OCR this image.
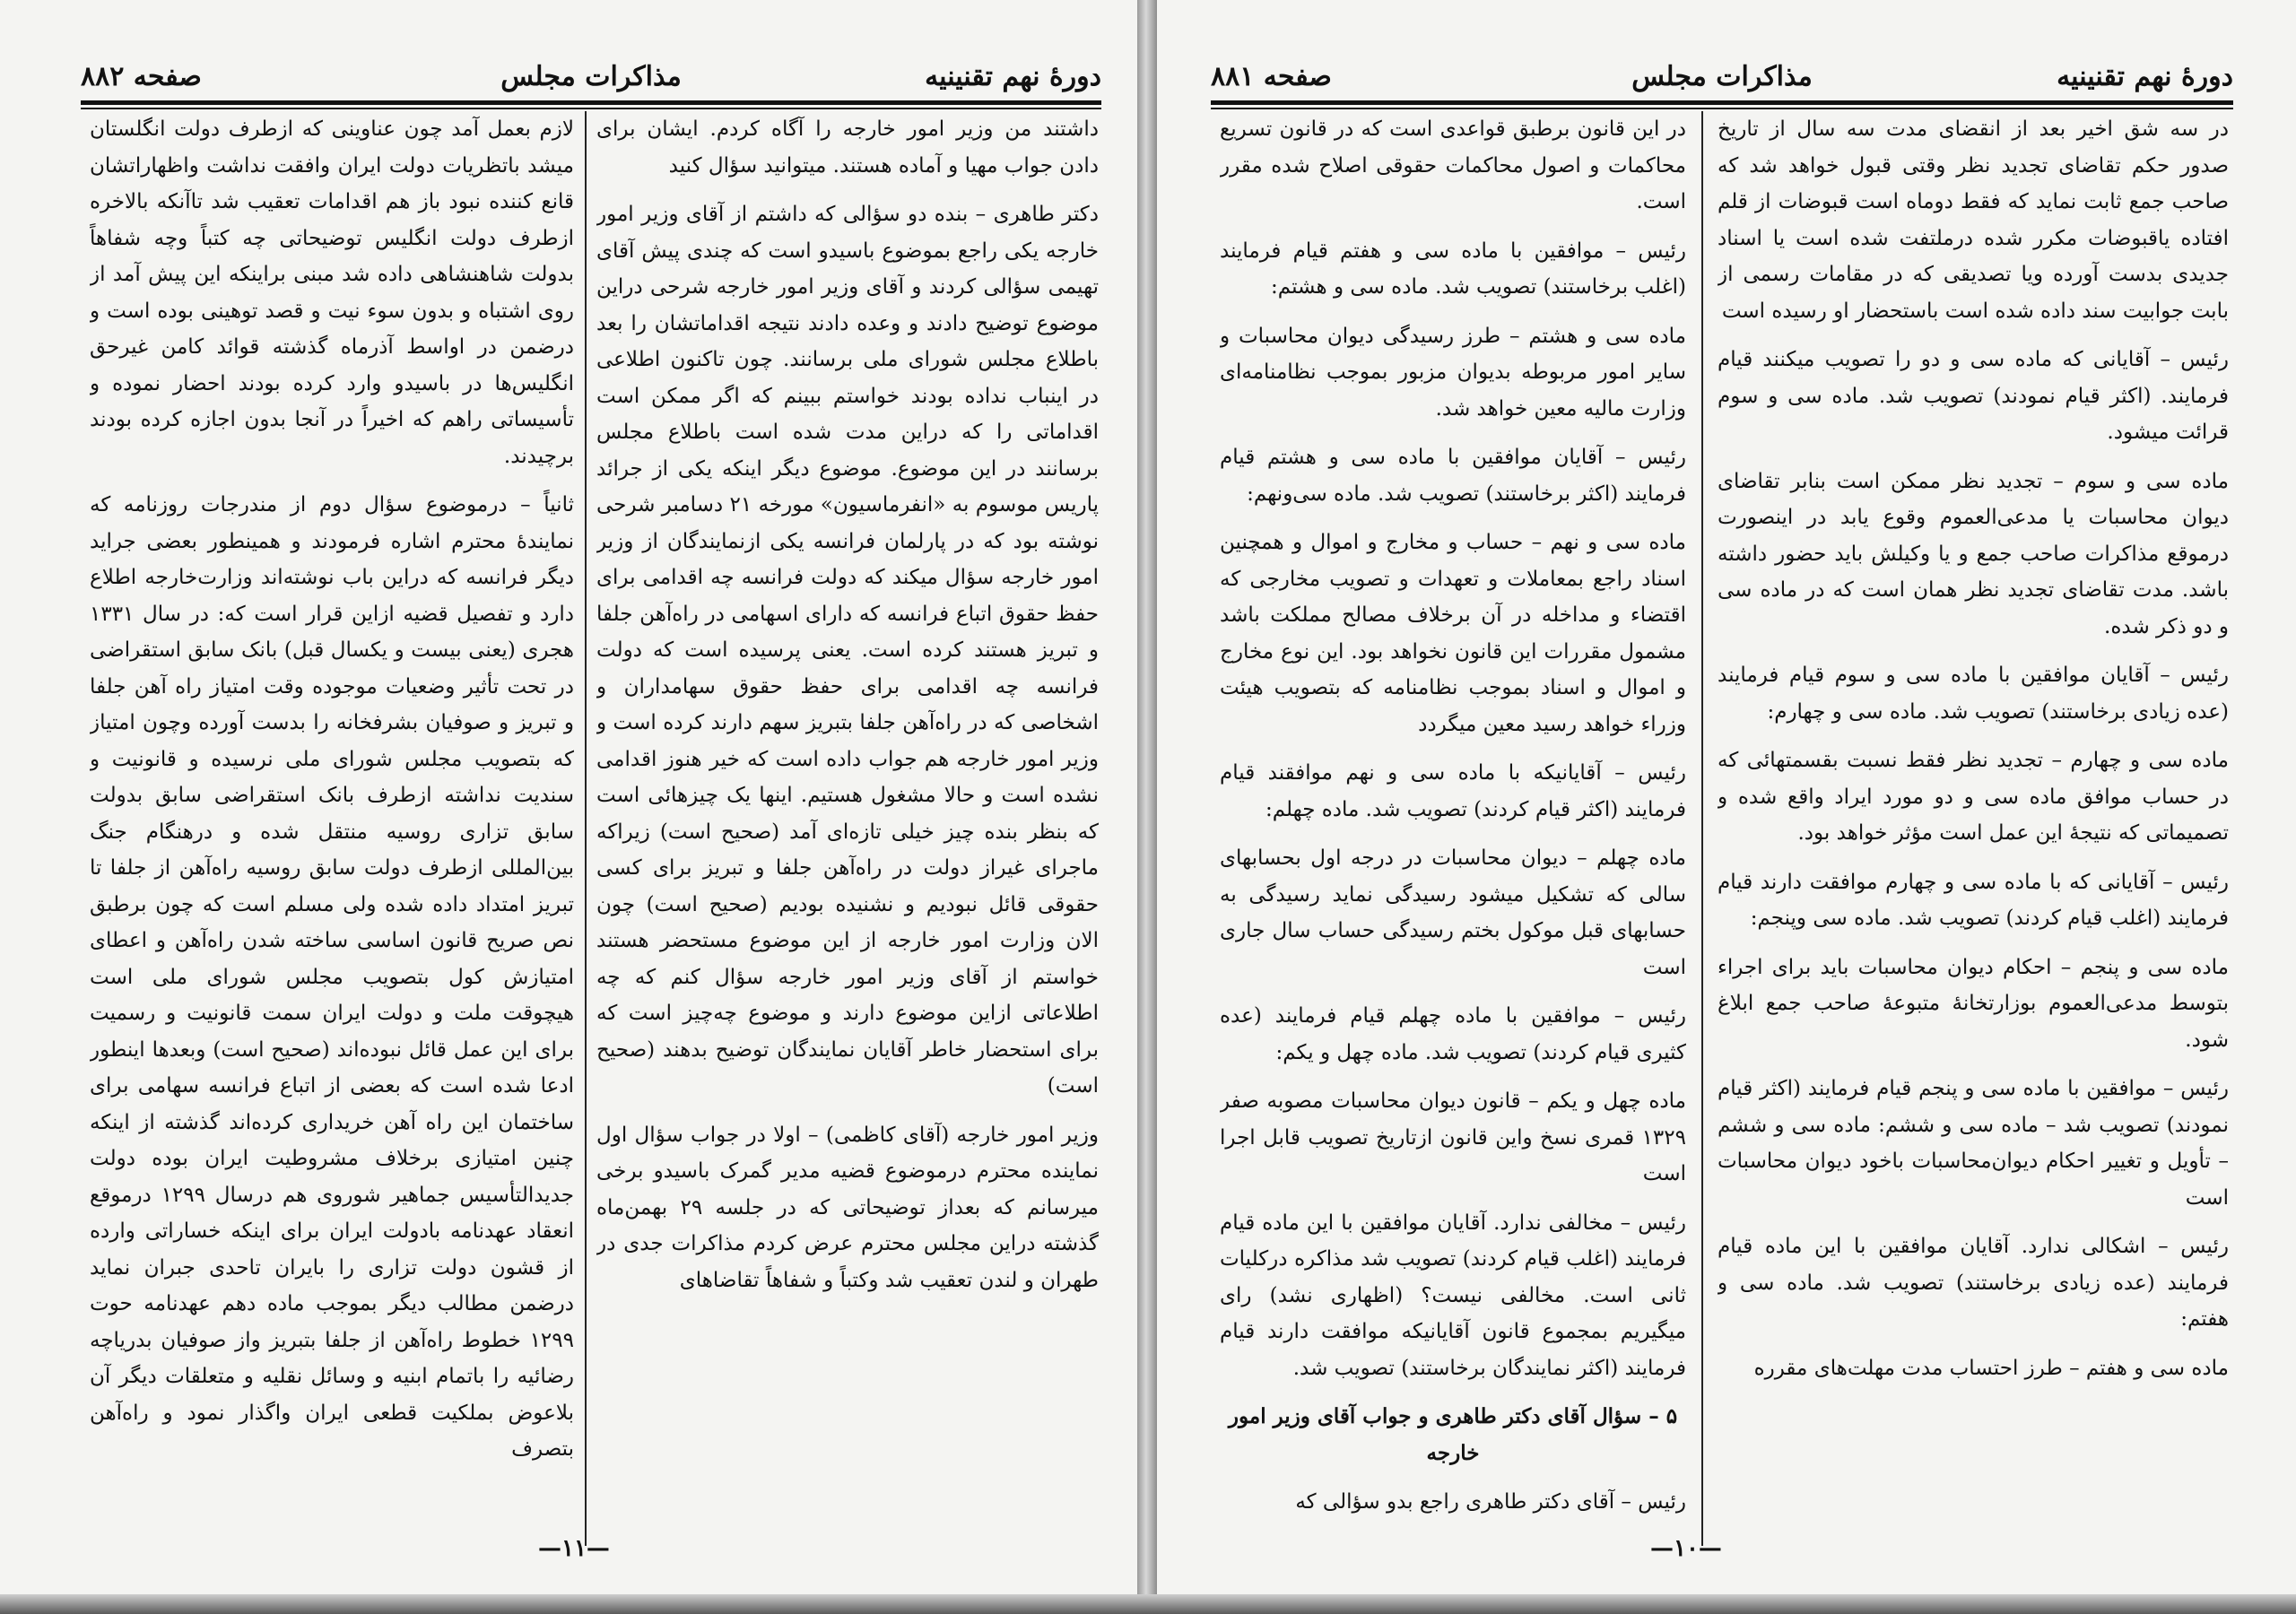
دورهٔ نهم تقنینیه
مذاکرات مجلس
صفحه ۸۸۲

داشتند من وزیر امور خارجه را آگاه کردم. ایشان برای دادن جواب مهیا و آماده هستند. میتوانید سؤال کنید

دکتر طاهری – بنده دو سؤالی که داشتم از آقای وزیر امور خارجه یکی راجع بموضوع باسیدو است که چندی پیش آقای تهیمی سؤالی کردند و آقای وزیر امور خارجه شرحی دراین موضوع توضیح دادند و وعده دادند نتیجه اقداماتشان را بعد باطلاع مجلس شورای ملی برسانند. چون تاکنون اطلاعی در اینباب نداده بودند خواستم ببینم که اگر ممکن است اقداماتی را که دراین مدت شده است باطلاع مجلس برسانند در این موضوع. موضوع دیگر اینکه یکی از جرائد پاریس موسوم به «انفرماسیون» مورخه ۲۱ دسامبر شرحی نوشته بود که در پارلمان فرانسه یکی ازنمایندگان از وزیر امور خارجه سؤال میکند که دولت فرانسه چه اقدامی برای حفظ حقوق اتباع فرانسه که دارای اسهامی در راه‌آهن جلفا و تبریز هستند کرده است. یعنی پرسیده است که دولت فرانسه چه اقدامی برای حفظ حقوق سهامداران و اشخاصی که در راه‌آهن جلفا بتبریز سهم دارند کرده است و وزیر امور خارجه هم جواب داده است که خیر هنوز اقدامی نشده است و حالا مشغول هستیم. اینها یک چیزهائی است که بنظر بنده چیز خیلی تازه‌ای آمد (صحیح است) زیراکه ماجرای غیراز دولت در راه‌آهن جلفا و تبریز برای کسی حقوقی قائل نبودیم و نشنیده بودیم (صحیح است) چون الان وزارت امور خارجه از این موضوع مستحضر هستند خواستم از آقای وزیر امور خارجه سؤال کنم که چه اطلاعاتی ازاین موضوع دارند و موضوع چه‌چیز است که برای استحضار خاطر آقایان نمایندگان توضیح بدهند (صحیح است)

وزیر امور خارجه (آقای کاظمی) – اولا در جواب سؤال اول نماینده محترم درموضوع قضیه مدیر گمرک باسیدو برخی میرسانم که بعداز توضیحاتی که در جلسه ۲۹ بهمن‌ماه گذشته دراین مجلس محترم عرض کردم مذاکرات جدی در طهران و لندن تعقیب شد وکتباً و شفاهاً تقاضاهای

لازم بعمل آمد چون عناوینی که ازطرف دولت انگلستان میشد باتظریات دولت ایران وافقت نداشت واظهاراتشان قانع کننده نبود باز هم اقدامات تعقیب شد تاآنکه بالاخره ازطرف دولت انگلیس توضیحاتی چه کتباً وچه شفاهاً بدولت شاهنشاهی داده شد مبنی براینکه این پیش آمد از روی اشتباه و بدون سوء نیت و قصد توهینی بوده است و درضمن در اواسط آذرماه گذشته قوائد کامن غیرحق انگلیس‌ها در باسیدو وارد کرده بودند احضار نموده و تأسیساتی راهم که اخیراً در آنجا بدون اجازه کرده بودند برچیدند.

ثانیاً – درموضوع سؤال دوم از مندرجات روزنامه که نمایندهٔ محترم اشاره فرمودند و همینطور بعضی جراید دیگر فرانسه که دراین باب نوشته‌اند وزارت‌خارجه اطلاع دارد و تفصیل قضیه ازاین قرار است که: در سال ۱۳۳۱ هجری (یعنی بیست و یکسال قبل) بانک سابق استقراضی در تحت تأثیر وضعیات موجوده وقت امتیاز راه آهن جلفا و تبریز و صوفیان بشرفخانه را بدست آورده وچون امتیاز که بتصویب مجلس شورای ملی نرسیده و قانونیت و سندیت نداشته ازطرف بانک استقراضی سابق بدولت سابق تزاری روسیه منتقل شده و درهنگام جنگ بین‌المللی ازطرف دولت سابق روسیه راه‌آهن از جلفا تا تبریز امتداد داده شده ولی مسلم است که چون برطبق نص صریح قانون اساسی ساخته شدن راه‌آهن و اعطای امتیازش کول بتصویب مجلس شورای ملی است هیچوقت ملت و دولت ایران سمت قانونیت و رسمیت برای این عمل قائل نبوده‌اند (صحیح است) وبعدها اینطور ادعا شده است که بعضی از اتباع فرانسه سهامی برای ساختمان این راه‌ آهن خریداری کرده‌اند گذشته از اینکه چنین امتیازی برخلاف مشروطیت ایران بوده دولت جدیدالتأسیس جماهیر شوروی هم درسال ۱۲۹۹ درموقع انعقاد عهدنامه بادولت ایران برای اینکه خساراتی وارده از قشون دولت تزاری را بایران تاحدی جبران نماید درضمن مطالب دیگر بموجب ماده دهم عهدنامه حوت ۱۲۹۹ خطوط راه‌آهن از جلفا بتبریز واز صوفیان بدریاچه رضائیه را باتمام ابنیه و وسائل نقلیه و متعلقات دیگر آن بلاعوض بملکیت قطعی ایران واگذار نمود و راه‌آهن بتصرف

—۱۱—
دورهٔ نهم تقنینیه
مذاکرات مجلس
صفحه ۸۸۱

در سه شق اخیر بعد از انقضای مدت سه سال از تاریخ صدور حکم تقاضای تجدید نظر وقتی قبول خواهد شد که صاحب جمع ثابت نماید که فقط دوماه است قبوضات از قلم افتاده یاقبوضات مکرر شده درملتفت شده است یا اسناد جدیدی بدست آورده ویا تصدیقی که در مقامات رسمی از بابت جوابیت سند داده شده است باستحضار او رسیده است

رئیس – آقایانی که ماده سی و دو را تصویب میکنند قیام فرمایند. (اکثر قیام نمودند) تصویب شد. ماده سی و سوم قرائت میشود.

ماده سی و سوم – تجدید نظر ممکن است بنابر تقاضای دیوان محاسبات یا مدعی‌العموم وقوع یابد در اینصورت درموقع مذاکرات صاحب جمع و یا وکیلش باید حضور داشته باشد. مدت تقاضای تجدید نظر همان است که در ماده سی و دو ذکر شده.

رئیس – آقایان موافقین با ماده سی و سوم قیام فرمایند (عده زیادی برخاستند) تصویب شد. ماده سی و چهارم:

ماده سی و چهارم – تجدید نظر فقط نسبت بقسمتهائی که در حساب موافق ماده سی و دو مورد ایراد واقع شده و تصمیماتی که نتیجهٔ این عمل است مؤثر خواهد بود.

رئیس – آقایانی که با ماده سی و چهارم موافقت دارند قیام فرمایند (اغلب قیام کردند) تصویب شد. ماده سی وپنجم:

ماده سی و پنجم – احکام دیوان محاسبات باید برای اجراء بتوسط مدعی‌العموم بوزارتخانهٔ متبوعهٔ صاحب جمع ابلاغ شود.

رئیس – موافقین با ماده سی و پنجم قیام فرمایند (اکثر قیام نمودند) تصویب شد – ماده سی و ششم: ماده سی و ششم – تأویل و تغییر احکام دیوان‌محاسبات باخود دیوان محاسبات است

رئیس – اشکالی ندارد. آقایان موافقین با این ماده قیام فرمایند (عده زیادی برخاستند) تصویب شد. ماده سی و هفتم:

ماده سی و هفتم – طرز احتساب مدت مهلت‌های مقرره

در این قانون برطبق قواعدی است که در قانون تسریع محاکمات و اصول محاکمات حقوقی اصلاح شده مقرر است.

رئیس – موافقین با ماده سی و هفتم قیام فرمایند (اغلب برخاستند) تصویب شد. ماده سی و هشتم:

ماده سی و هشتم – طرز رسیدگی دیوان محاسبات و سایر امور مربوطه بدیوان مزبور بموجب نظامنامه‌ای وزارت مالیه معین خواهد شد.

رئیس – آقایان موافقین با ماده سی و هشتم قیام فرمایند (اکثر برخاستند) تصویب شد. ماده سی‌ونهم:

ماده سی و نهم – حساب و مخارج و اموال و همچنین اسناد راجع بمعاملات و تعهدات و تصویب مخارجی که اقتضاء و مداخله در آن برخلاف مصالح مملکت باشد مشمول مقررات این قانون نخواهد بود. این نوع مخارج و اموال و اسناد بموجب نظامنامه که بتصویب هیئت وزراء خواهد رسید معین میگردد

رئیس – آقایانیکه با ماده سی و نهم موافقند قیام فرمایند (اکثر قیام کردند) تصویب شد. ماده چهلم:

ماده چهلم – دیوان محاسبات در درجه اول بحسابهای سالی که تشکیل میشود رسیدگی نماید رسیدگی به حسابهای قبل موکول بختم رسیدگی حساب سال جاری است

رئیس – موافقین با ماده چهلم قیام فرمایند (عده کثیری قیام کردند) تصویب شد. ماده چهل و یکم:

ماده چهل و یکم – قانون دیوان محاسبات مصوبه صفر ۱۳۲۹ قمری نسخ واین قانون ازتاریخ تصویب قابل اجرا است

رئیس – مخالفی ندارد. آقایان موافقین با این ماده قیام فرمایند (اغلب قیام کردند) تصویب شد مذاکره درکلیات ثانی است. مخالفی نیست؟ (اظهاری نشد) رای میگیریم بمجموع قانون آقایانیکه موافقت دارند قیام فرمایند (اکثر نمایندگان برخاستند) تصویب شد.

۵ – سؤال آقای دکتر طاهری و جواب آقای وزیر امور خارجه

رئیس – آقای دکتر طاهری راجع بدو سؤالی که

—۱۰—
